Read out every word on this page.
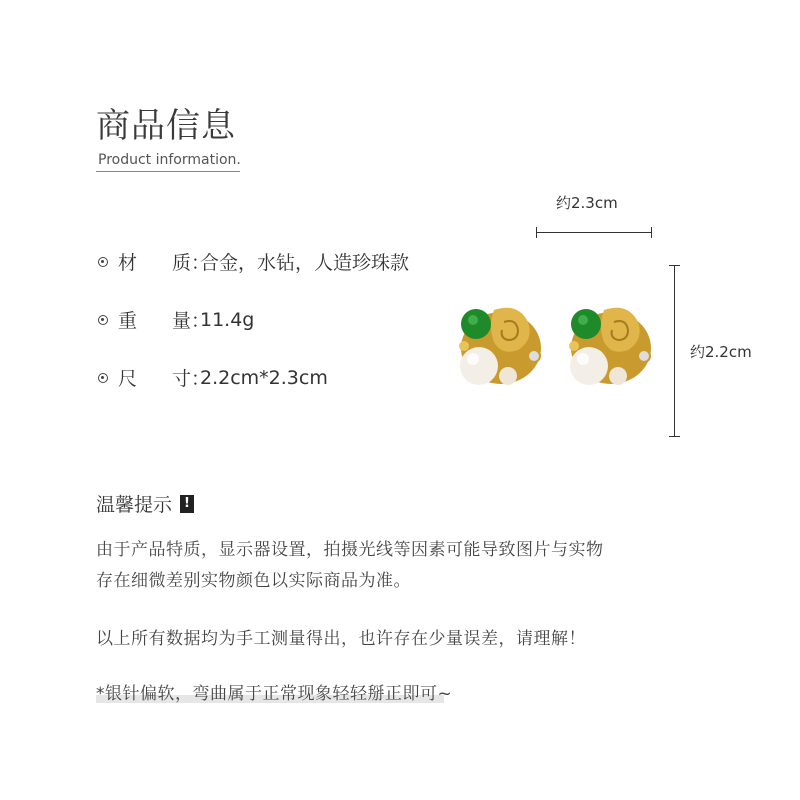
商品信息
Product information.
材	质：
合金，水钻，人造珍珠款
重	量：
11.4g
尺	寸：
2.2cm*2.3cm
约2.3cm
约2.2cm
温馨提示 !
由于产品特质，显示器设置，拍摄光线等因素可能导致图片与实物
存在细微差别实物颜色以实际商品为准。
以上所有数据均为手工测量得出，也许存在少量误差，请理解！
*银针偏软，弯曲属于正常现象轻轻掰正即可~
